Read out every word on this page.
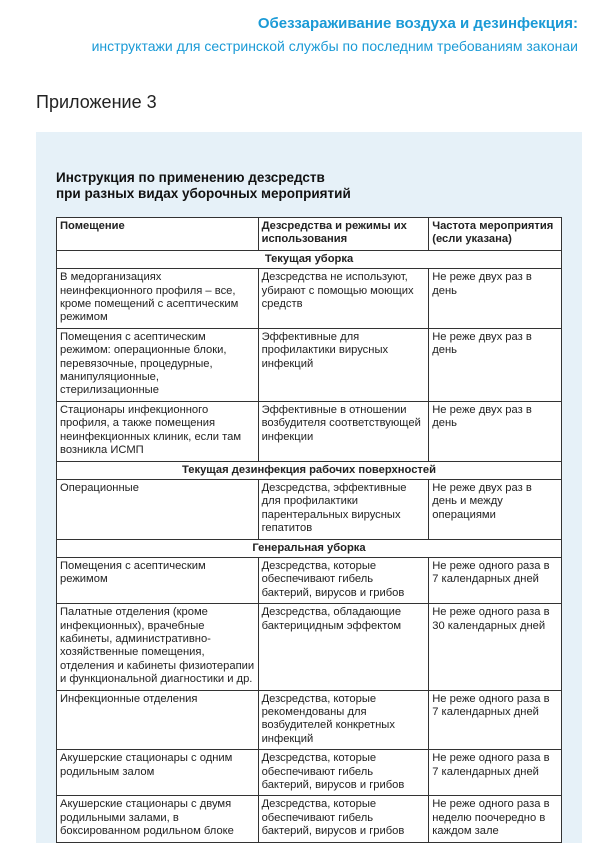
Обеззараживание воздуха и дезинфекция:
инструктажи для сестринской службы по последним требованиям законаи
Приложение 3
Инструкция по применению дезсредств
при разных видах уборочных мероприятий
Помещение	Дезсредства и режимы их использования	Частота мероприятия (если указана)
Текущая уборка		
В медорганизациях неинфекционного профиля – все, кроме помещений с асептическим режимом	Дезсредства не используют, убирают с помощью моющих средств	Не реже двух раз в день
Помещения с асептическим режимом: операционные блоки, перевязочные, процедурные, манипуляционные, стерилизационные	Эффективные для профилактики вирусных инфекций	Не реже двух раз в день
Стационары инфекционного профиля, а также помещения неинфекционных клиник, если там возникла ИСМП	Эффективные в отношении возбудителя соответствующей инфекции	Не реже двух раз в день
Текущая дезинфекция рабочих поверхностей		
Операционные	Дезсредства, эффективные для профилактики парентеральных вирусных гепатитов	Не реже двух раз в день и между операциями
Генеральная уборка		
Помещения с асептическим режимом	Дезсредства, которые обеспечивают гибель бактерий, вирусов и грибов	Не реже одного раза в 7 календарных дней
Палатные отделения (кроме инфекционных), врачебные кабинеты, административно-хозяйственные помещения, отделения и кабинеты физиотерапии и функциональной диагностики и др.	Дезсредства, обладающие бактерицидным эффектом	Не реже одного раза в 30 календарных дней
Инфекционные отделения	Дезсредства, которые рекомендованы для возбудителей конкретных инфекций	Не реже одного раза в 7 календарных дней
Акушерские стационары с одним родильным залом	Дезсредства, которые обеспечивают гибель бактерий, вирусов и грибов	Не реже одного раза в 7 календарных дней
Акушерские стационары с двумя родильными залами, в боксированном родильном блоке	Дезсредства, которые обеспечивают гибель бактерий, вирусов и грибов	Не реже одного раза в неделю поочередно в каждом зале
